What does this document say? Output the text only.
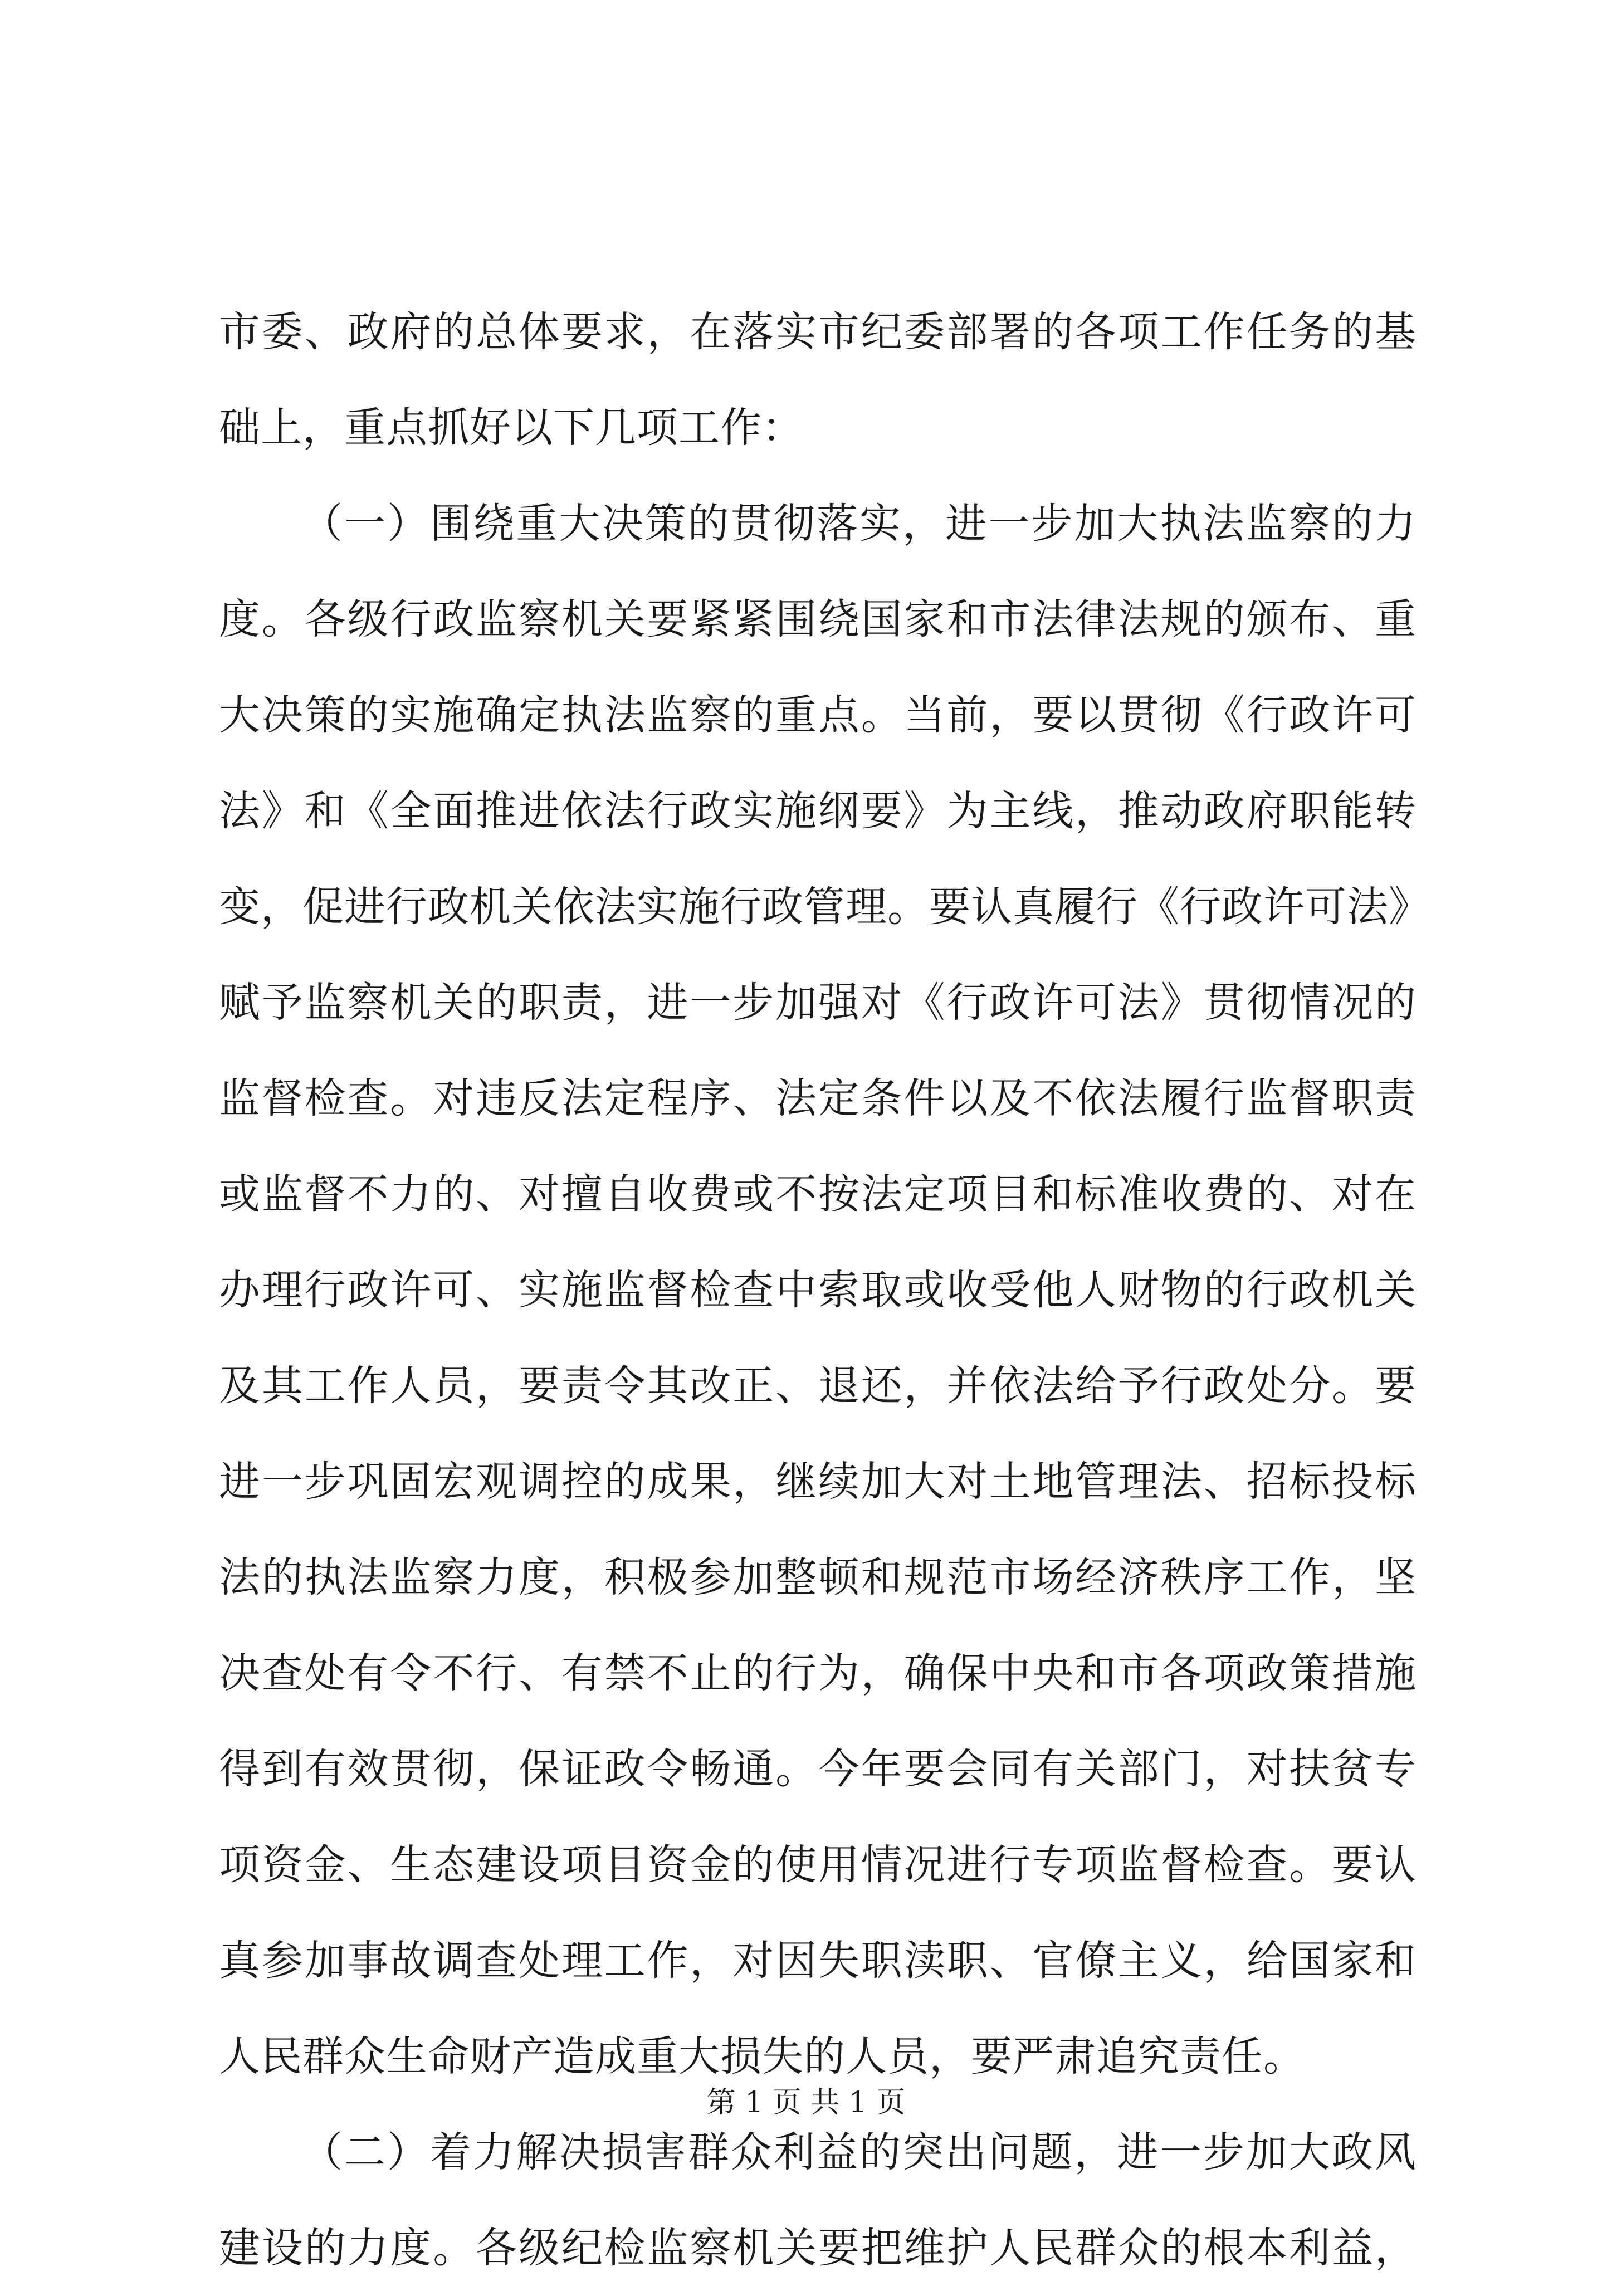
市委、政府的总体要求，在落实市纪委部署的各项工作任务的基
础上，重点抓好以下几项工作：
（一）围绕重大决策的贯彻落实，进一步加大执法监察的力
度。各级行政监察机关要紧紧围绕国家和市法律法规的颁布、重
大决策的实施确定执法监察的重点。当前，要以贯彻《行政许可
法》和《全面推进依法行政实施纲要》为主线，推动政府职能转
变，促进行政机关依法实施行政管理。要认真履行《行政许可法》
赋予监察机关的职责，进一步加强对《行政许可法》贯彻情况的
监督检查。对违反法定程序、法定条件以及不依法履行监督职责
或监督不力的、对擅自收费或不按法定项目和标准收费的、对在
办理行政许可、实施监督检查中索取或收受他人财物的行政机关
及其工作人员，要责令其改正、退还，并依法给予行政处分。要
进一步巩固宏观调控的成果，继续加大对土地管理法、招标投标
法的执法监察力度，积极参加整顿和规范市场经济秩序工作，坚
决查处有令不行、有禁不止的行为，确保中央和市各项政策措施
得到有效贯彻，保证政令畅通。今年要会同有关部门，对扶贫专
项资金、生态建设项目资金的使用情况进行专项监督检查。要认
真参加事故调查处理工作，对因失职渎职、官僚主义，给国家和
人民群众生命财产造成重大损失的人员，要严肃追究责任。
（二）着力解决损害群众利益的突出问题，进一步加大政风
建设的力度。各级纪检监察机关要把维护人民群众的根本利益，
第 1 页 共 1 页
